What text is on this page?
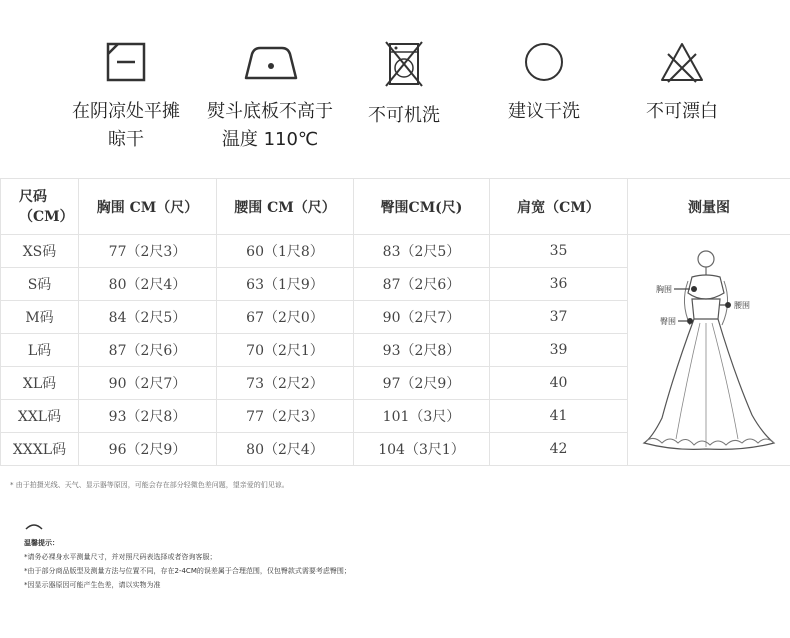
在阴凉处平摊
晾干
熨斗底板不高于
温度 110℃
不可机洗	建议干洗	不可漂白
尺码
（CM）	胸围 CM（尺）	腰围 CM（尺）	臀围CM(尺)	肩宽（CM）	测量图
XS码	77（2尺3）	60（1尺8）	83（2尺5）	35	胸围
腰围
臀围

S码	80（2尺4）	63（1尺9）	87（2尺6）	36	
M码	84（2尺5）	67（2尺0）	90（2尺7）	37	
L码	87（2尺6）	70（2尺1）	93（2尺8）	39	
XL码	90（2尺7）	73（2尺2）	97（2尺9）	40	
XXL码	93（2尺8）	77（2尺3）	101（3尺）	41	
XXXL码	96（2尺9）	80（2尺4）	104（3尺1）	42	
* 由于拍摄光线、天气、显示器等原因，可能会存在部分轻微色差问题，望亲爱的们见谅。
温馨提示：
*请务必裸身水平测量尺寸，并对照尺码表选择或者咨询客服；
*由于部分商品版型及测量方法与位置不同，存在2-4CM的误差属于合理范围，仅包臀款式需要考虑臀围；
*因显示器原因可能产生色差，请以实物为准
